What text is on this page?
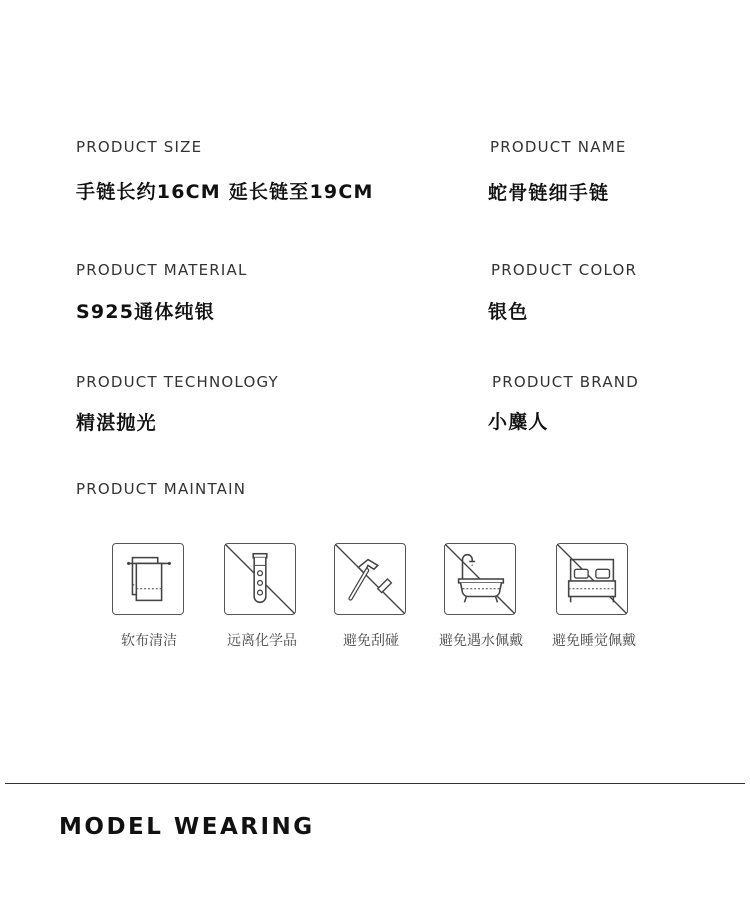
PRODUCT SIZE
手链长约16CM 延长链至19CM
PRODUCT NAME
蛇骨链细手链
PRODUCT MATERIAL
S925通体纯银
PRODUCT COLOR
银色
PRODUCT TECHNOLOGY
精湛抛光
PRODUCT BRAND
小麋人
PRODUCT MAINTAIN
软布清洁	远离化学品	避免刮碰	避免遇水佩戴	避免睡觉佩戴
MODEL WEARING
